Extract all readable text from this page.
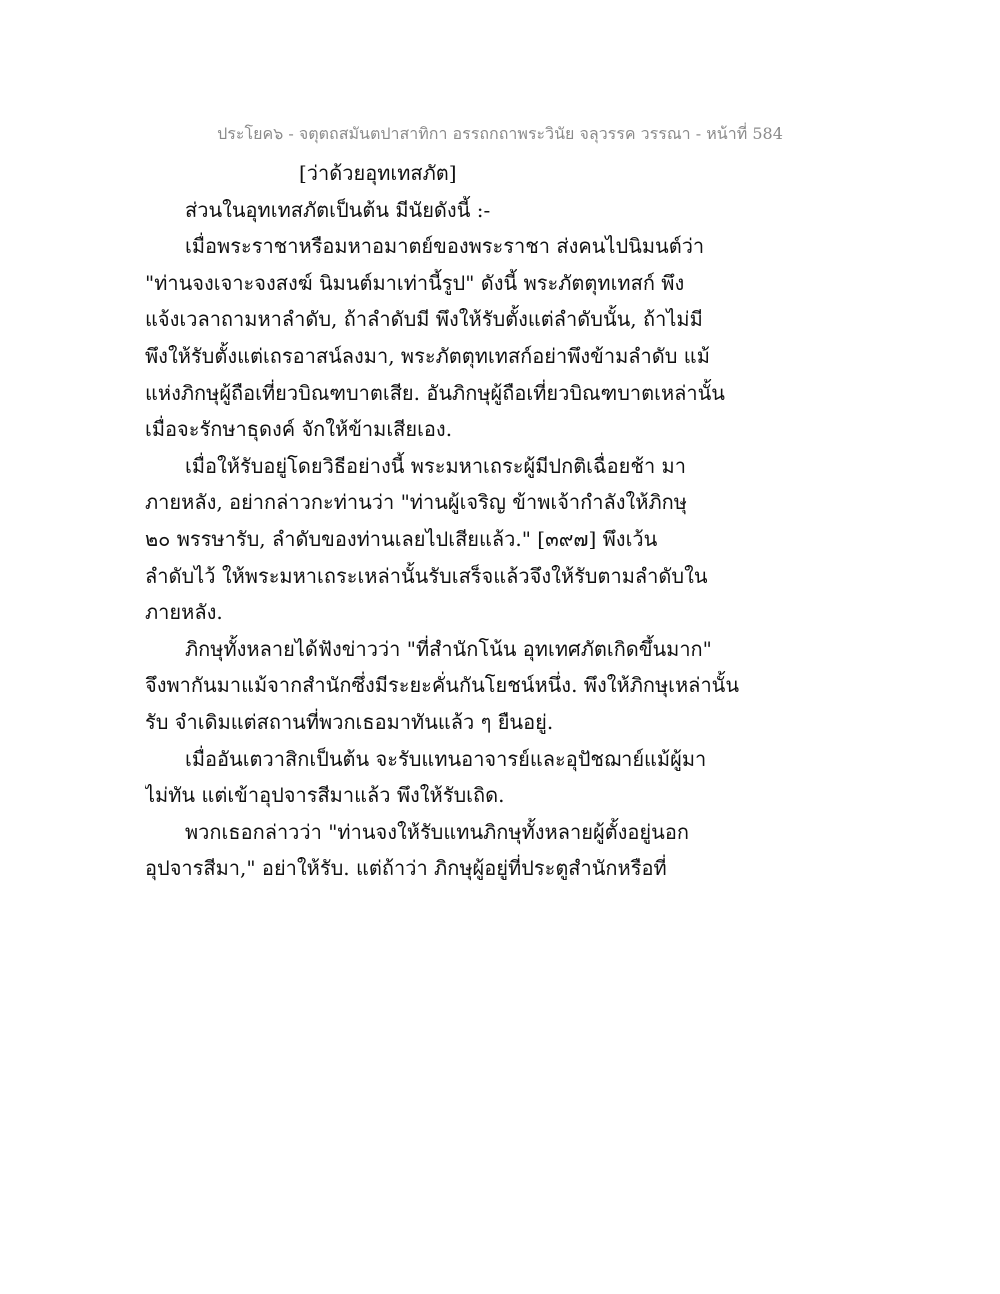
ประโยค๖ - จตุตถสมันตปาสาทิกา อรรถกถาพระวินัย จลุวรรค วรรณา - หน้าที่ 584
[ว่าด้วยอุทเทสภัต]
ส่วนในอุทเทสภัตเป็นต้น มีนัยดังนี้ :-
เมื่อพระราชาหรือมหาอมาตย์ของพระราชา ส่งคนไปนิมนต์ว่า
"ท่านจงเจาะจงสงฆ์ นิมนต์มาเท่านี้รูป" ดังนี้ พระภัตตุทเทสก์ พึง
แจ้งเวลาถามหาลำดับ, ถ้าลำดับมี พึงให้รับตั้งแต่ลำดับนั้น, ถ้าไม่มี
พึงให้รับตั้งแต่เถรอาสน์ลงมา, พระภัตตุทเทสก์อย่าพึงข้ามลำดับ แม้
แห่งภิกษุผู้ถือเที่ยวบิณฑบาตเสีย. อันภิกษุผู้ถือเที่ยวบิณฑบาตเหล่านั้น
เมื่อจะรักษาธุดงค์ จักให้ข้ามเสียเอง.
เมื่อให้รับอยู่โดยวิธีอย่างนี้ พระมหาเถระผู้มีปกติเฉื่อยช้า มา
ภายหลัง, อย่ากล่าวกะท่านว่า "ท่านผู้เจริญ ข้าพเจ้ากำลังให้ภิกษุ
๒๐ พรรษารับ, ลำดับของท่านเลยไปเสียแล้ว." [๓๙๗] พึงเว้น
ลำดับไว้ ให้พระมหาเถระเหล่านั้นรับเสร็จแล้วจึงให้รับตามลำดับใน
ภายหลัง.
ภิกษุทั้งหลายได้ฟังข่าวว่า "ที่สำนักโน้น อุทเทศภัตเกิดขึ้นมาก"
จึงพากันมาแม้จากสำนักซึ่งมีระยะคั่นกันโยชน์หนึ่ง. พึงให้ภิกษุเหล่านั้น
รับ จำเดิมแต่สถานที่พวกเธอมาทันแล้ว ๆ ยืนอยู่.
เมื่ออันเตวาสิกเป็นต้น จะรับแทนอาจารย์และอุปัชฌาย์แม้ผู้มา
ไม่ทัน แต่เข้าอุปจารสีมาแล้ว พึงให้รับเถิด.
พวกเธอกล่าวว่า "ท่านจงให้รับแทนภิกษุทั้งหลายผู้ตั้งอยู่นอก
อุปจารสีมา," อย่าให้รับ. แต่ถ้าว่า ภิกษุผู้อยู่ที่ประตูสำนักหรือที่
